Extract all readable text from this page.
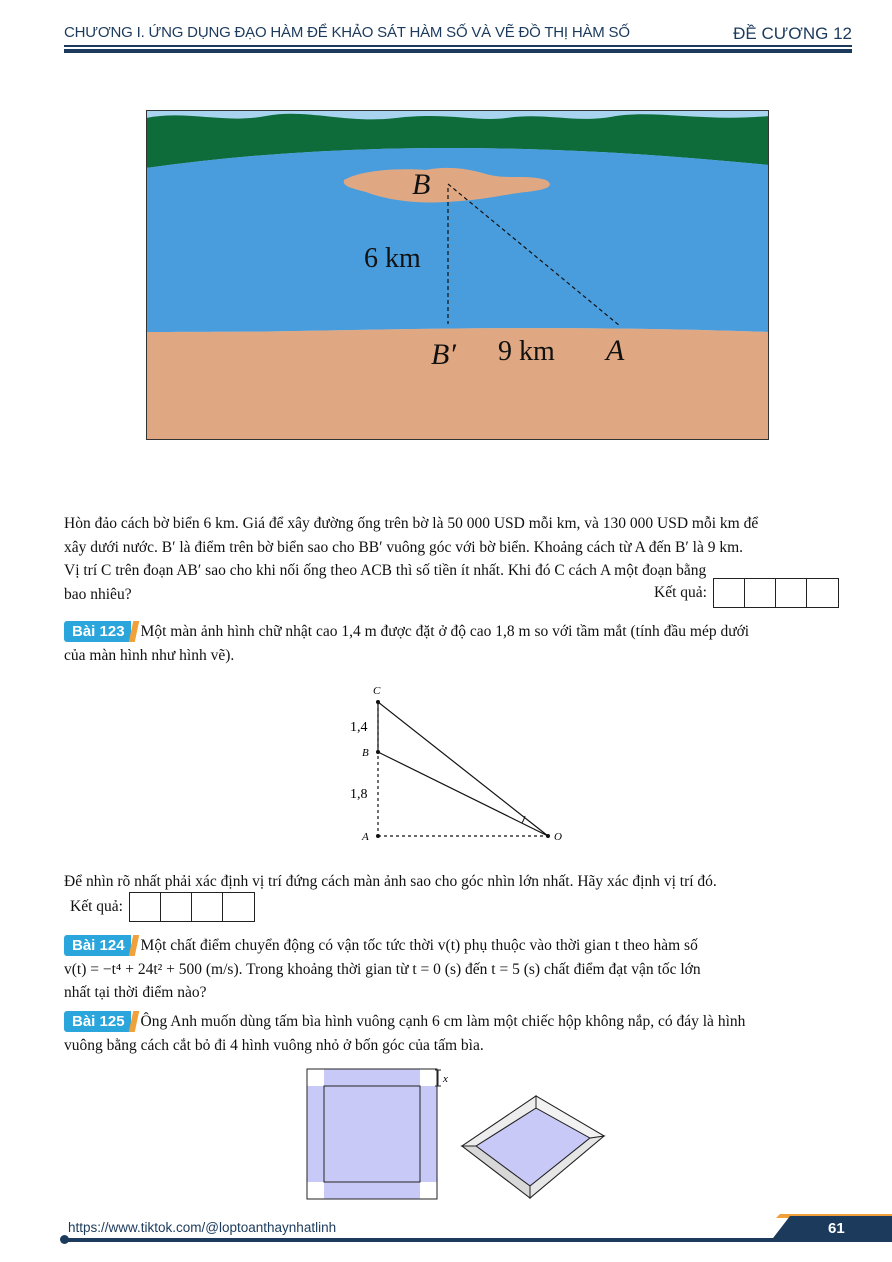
CHƯƠNG I. ỨNG DỤNG ĐẠO HÀM ĐỂ KHẢO SÁT HÀM SỐ VÀ VẼ ĐỒ THỊ HÀM SỐ	ĐỀ CƯƠNG 12
B
6 km
B′ 9 km A
Hòn đảo cách bờ biển 6 km. Giá để xây đường ống trên bờ là 50 000 USD mỗi km, và 130 000 USD mỗi km để
xây dưới nước. B′ là điểm trên bờ biển sao cho BB′ vuông góc với bờ biển. Khoảng cách từ A đến B′ là 9 km.
Vị trí C trên đoạn AB′ sao cho khi nối ống theo ACB thì số tiền ít nhất. Khi đó C cách A một đoạn bằng
bao nhiêu?	Kết quả:
Bài 123 Một màn ảnh hình chữ nhật cao 1,4 m được đặt ở độ cao 1,8 m so với tầm mắt (tính đầu mép dưới
của màn hình như hình vẽ).
C
B
A	O
1,4
1,8
Để nhìn rõ nhất phải xác định vị trí đứng cách màn ảnh sao cho góc nhìn lớn nhất. Hãy xác định vị trí đó.
Kết quả:
Bài 124 Một chất điểm chuyển động có vận tốc tức thời v(t) phụ thuộc vào thời gian t theo hàm số
v(t) = −t⁴ + 24t² + 500 (m/s). Trong khoảng thời gian từ t = 0 (s) đến t = 5 (s) chất điểm đạt vận tốc lớn
nhất tại thời điểm nào?
Bài 125 Ông Anh muốn dùng tấm bìa hình vuông cạnh 6 cm làm một chiếc hộp không nắp, có đáy là hình
vuông bằng cách cắt bỏ đi 4 hình vuông nhỏ ở bốn góc của tấm bìa.
x
https://www.tiktok.com/@loptoanthaynhatlinh	61
